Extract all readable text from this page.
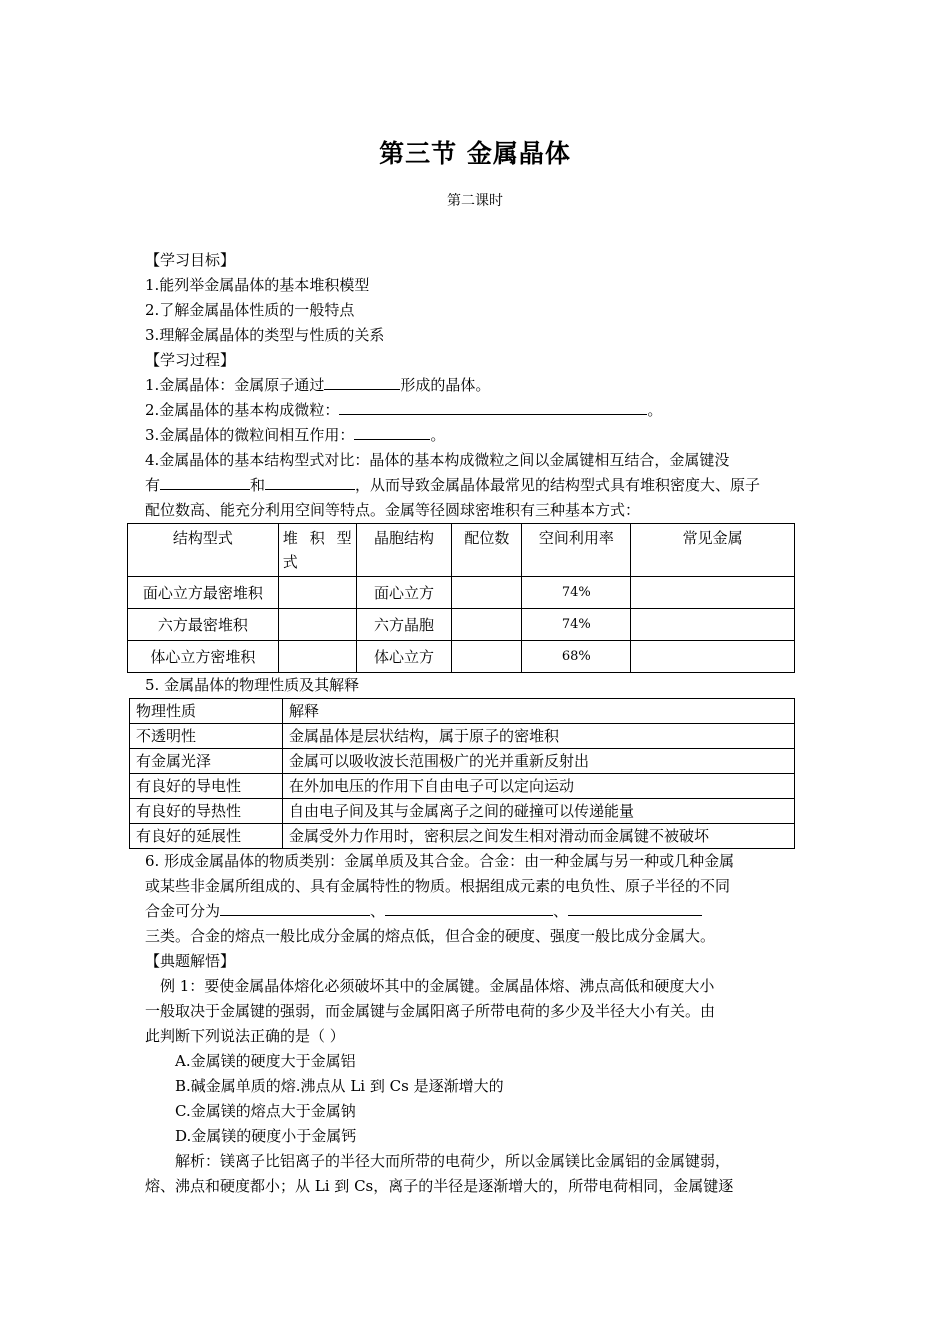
第三节 金属晶体
第二课时
【学习目标】
1.能列举金属晶体的基本堆积模型
2.了解金属晶体性质的一般特点
3.理解金属晶体的类型与性质的关系
【学习过程】
1.金属晶体：金属原子通过	形成的晶体。
2.金属晶体的基本构成微粒：	。
3.金属晶体的微粒间相互作用：	。
4.金属晶体的基本结构型式对比：晶体的基本构成微粒之间以金属键相互结合，金属键没
有	和	，从而导致金属晶体最常见的结构型式具有堆积密度大、原子
配位数高、能充分利用空间等特点。金属等径圆球密堆积有三种基本方式：
结构型式	堆 积 型 式	晶胞结构	配位数	空间利用率	常见金属
面心立方最密堆积		面心立方		74%	
六方最密堆积		六方晶胞		74%	
体心立方密堆积		体心立方		68%	
5. 金属晶体的物理性质及其解释
物理性质	解释
不透明性	金属晶体是层状结构，属于原子的密堆积
有金属光泽	金属可以吸收波长范围极广的光并重新反射出
有良好的导电性	在外加电压的作用下自由电子可以定向运动
有良好的导热性	自由电子间及其与金属离子之间的碰撞可以传递能量
有良好的延展性	金属受外力作用时，密积层之间发生相对滑动而金属键不被破坏
6. 形成金属晶体的物质类别：金属单质及其合金。合金：由一种金属与另一种或几种金属
或某些非金属所组成的、具有金属特性的物质。根据组成元素的电负性、原子半径的不同
合金可分为	、	、
三类。合金的熔点一般比成分金属的熔点低，但合金的硬度、强度一般比成分金属大。
【典题解悟】
例 1：要使金属晶体熔化必须破坏其中的金属键。金属晶体熔、沸点高低和硬度大小
一般取决于金属键的强弱，而金属键与金属阳离子所带电荷的多少及半径大小有关。由
此判断下列说法正确的是（ ）
A.金属镁的硬度大于金属铝
B.碱金属单质的熔.沸点从 Li 到 Cs 是逐渐增大的
C.金属镁的熔点大于金属钠
D.金属镁的硬度小于金属钙
解析：镁离子比铝离子的半径大而所带的电荷少，所以金属镁比金属铝的金属键弱，
熔、沸点和硬度都小；从 Li 到 Cs，离子的半径是逐渐增大的，所带电荷相同，金属键逐
